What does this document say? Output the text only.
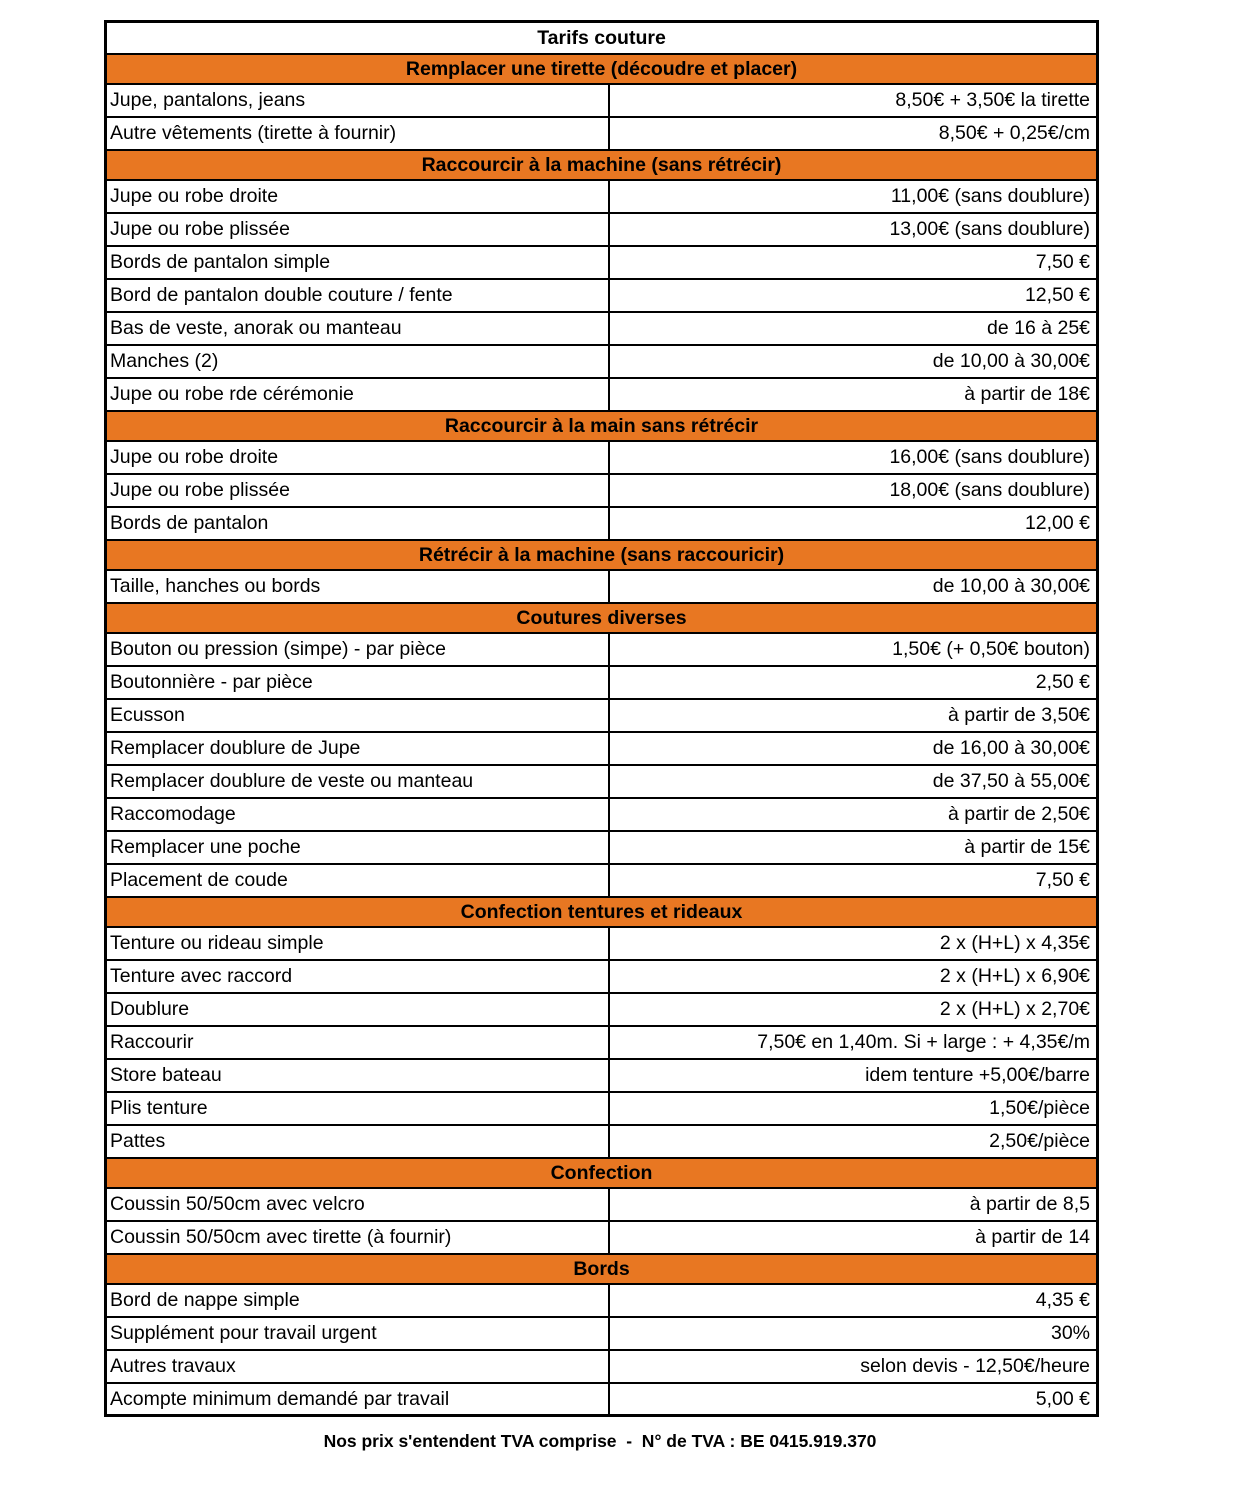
Tarifs couture	
Remplacer une tirette (découdre et placer)	
Jupe, pantalons, jeans	8,50€ + 3,50€ la tirette
Autre vêtements (tirette à fournir)	8,50€ + 0,25€/cm
Raccourcir à la machine (sans rétrécir)	
Jupe ou robe droite	11,00€ (sans doublure)
Jupe ou robe plissée	13,00€ (sans doublure)
Bords de pantalon simple	7,50 €
Bord de pantalon double couture / fente	12,50 €
Bas de veste, anorak ou manteau	de 16 à 25€
Manches (2)	de 10,00 à 30,00€
Jupe ou robe rde cérémonie	à partir de 18€
Raccourcir à la main sans rétrécir	
Jupe ou robe droite	16,00€ (sans doublure)
Jupe ou robe plissée	18,00€ (sans doublure)
Bords de pantalon	12,00 €
Rétrécir à la machine (sans raccouricir)	
Taille, hanches ou bords	de 10,00 à 30,00€
Coutures diverses	
Bouton ou pression (simpe) - par pièce	1,50€ (+ 0,50€ bouton)
Boutonnière - par pièce	2,50 €
Ecusson	à partir de 3,50€
Remplacer doublure de Jupe	de 16,00 à 30,00€
Remplacer doublure de veste ou manteau	de 37,50 à 55,00€
Raccomodage	à partir de 2,50€
Remplacer une poche	à partir de 15€
Placement de coude	7,50 €
Confection tentures et rideaux	
Tenture ou rideau simple	2 x (H+L) x 4,35€
Tenture avec raccord	2 x (H+L) x 6,90€
Doublure	2 x (H+L) x 2,70€
Raccourir	7,50€ en 1,40m. Si + large : + 4,35€/m
Store bateau	idem tenture +5,00€/barre
Plis tenture	1,50€/pièce
Pattes	2,50€/pièce
Confection	
Coussin 50/50cm avec velcro	à partir de 8,5
Coussin 50/50cm avec tirette (à fournir)	à partir de 14
Bords	
Bord de nappe simple	4,35 €
Supplément pour travail urgent	30%
Autres travaux	selon devis - 12,50€/heure
Acompte minimum demandé par travail	5,00 €
Nos prix s'entendent TVA comprise  -  N° de TVA : BE 0415.919.370
